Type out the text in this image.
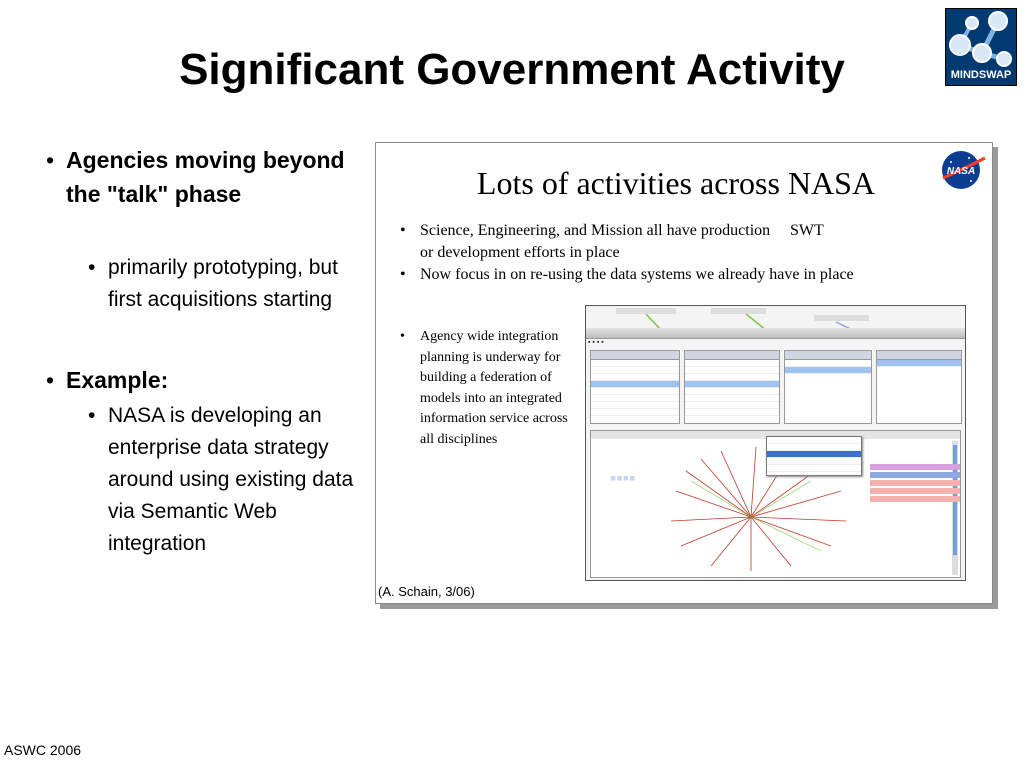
Significant Government Activity	MINDSWAP
• Agencies moving beyond the "talk" phase
• primarily prototyping, but first acquisitions starting
• Example:
• NASA is developing an enterprise data strategy around using existing data via Semantic Web integration
Lots of activities across NASA	NASA
• Science, Engineering, and Mission all have production or development efforts in place
• Now focus in on re-using the data systems we already have in place
SWT
• Agency wide integration planning is underway for building a federation of models into an integrated information service across all disciplines
▪ ▪ ▪ ▪
▪▪▪▪
(A. Schain, 3/06)
ASWC 2006
